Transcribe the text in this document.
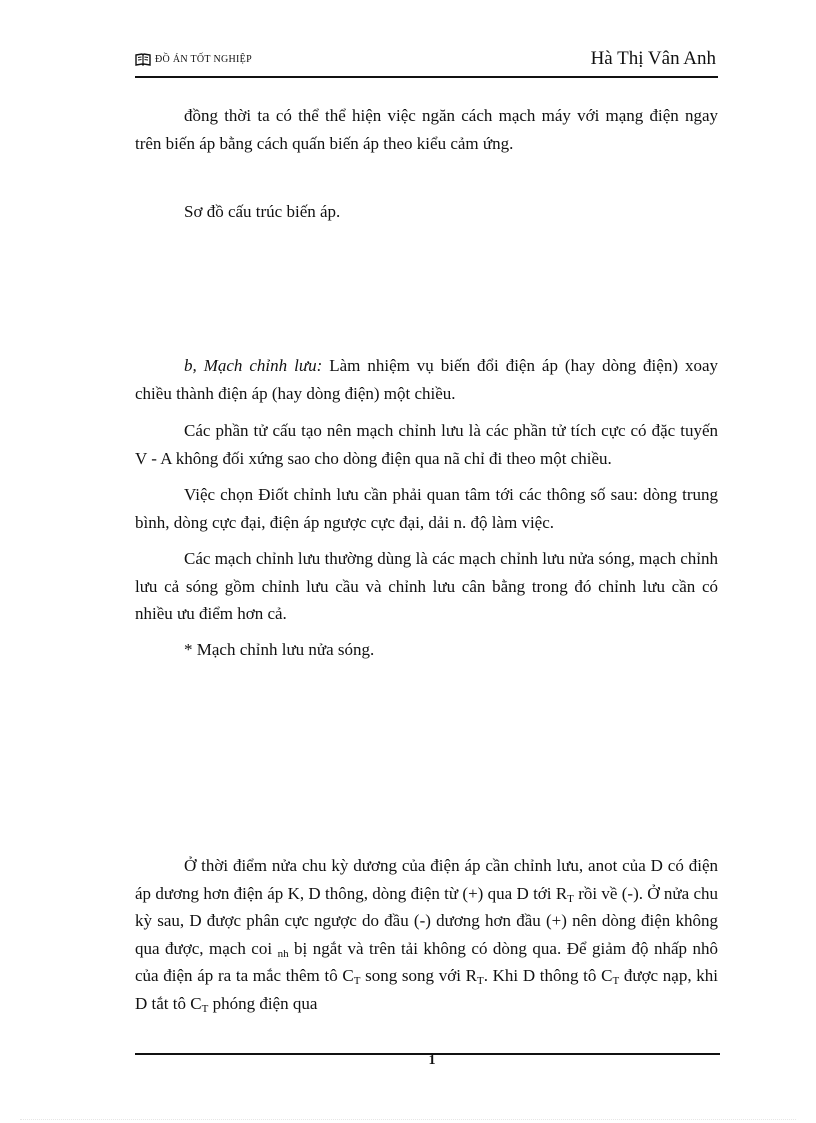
ĐỒ ÁN TỐT NGHIỆP	Hà Thị Vân Anh
đồng thời ta có thể thể hiện việc ngăn cách mạch máy với mạng điện ngay trên biến áp bằng cách quấn biến áp theo kiểu cảm ứng.
Sơ đồ cấu trúc biến áp.
b, Mạch chỉnh lưu: Làm nhiệm vụ biến đổi điện áp (hay dòng điện) xoay chiều thành điện áp (hay dòng điện) một chiều.
Các phần tử cấu tạo nên mạch chỉnh lưu là các phần tử tích cực có đặc tuyến V - A không đối xứng sao cho dòng điện qua nã chỉ đi theo một chiều.
Việc chọn Điốt chỉnh lưu cần phải quan tâm tới các thông số sau: dòng trung bình, dòng cực đại, điện áp ngược cực đại, dải n. độ làm việc.
Các mạch chỉnh lưu thường dùng là các mạch chỉnh lưu nửa sóng, mạch chỉnh lưu cả sóng gồm chỉnh lưu cầu và chỉnh lưu cân bằng trong đó chỉnh lưu cần có nhiều ưu điểm hơn cả.
* Mạch chỉnh lưu nửa sóng.
Ở thời điểm nửa chu kỳ dương của điện áp cần chỉnh lưu, anot của D có điện áp dương hơn điện áp K, D thông, dòng điện từ (+) qua D tới $R_T$ rồi về (-). Ở nửa chu kỳ sau, D được phân cực ngược do đầu (-) dương hơn đầu (+) nên dòng điện không qua được, mạch coi $_{nh}$ bị ngắt và trên tải không có dòng qua. Để giảm độ nhấp nhô của điện áp ra ta mắc thêm tô $C_T$ song song với $R_T$. Khi D thông tô $C_T$ được nạp, khi D tắt tô $C_T$ phóng điện qua
1
